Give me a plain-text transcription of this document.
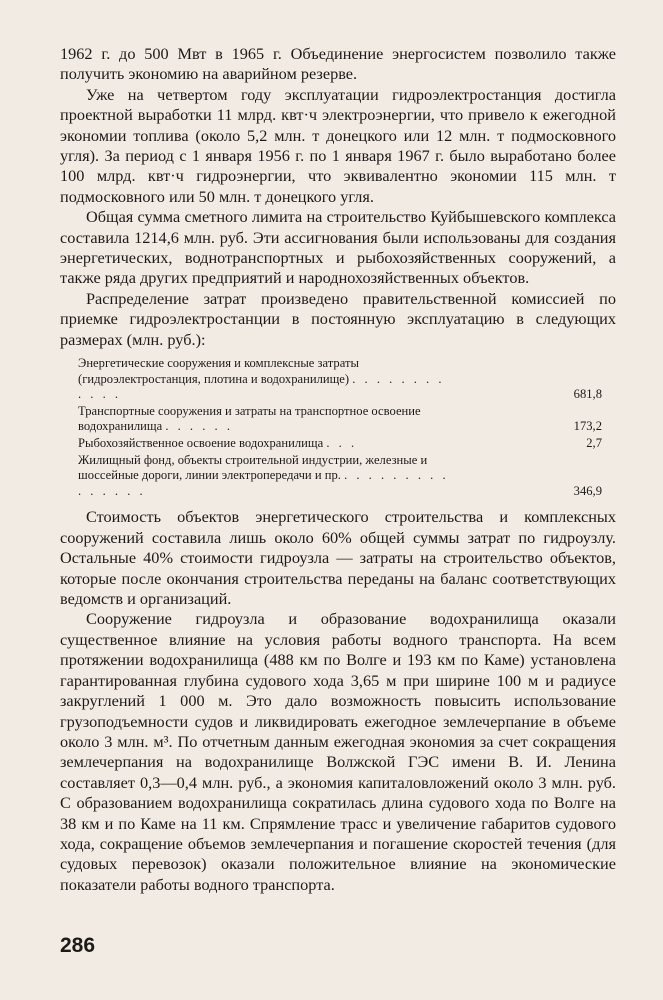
1962 г. до 500 Мвт в 1965 г. Объединение энергосистем позволило также получить экономию на аварийном резерве.

Уже на четвертом году эксплуатации гидроэлектростанция достигла проектной выработки 11 млрд. квт·ч электроэнергии, что привело к ежегодной экономии топлива (около 5,2 млн. т донецкого или 12 млн. т подмосковного угля). За период с 1 января 1956 г. по 1 января 1967 г. было выработано более 100 млрд. квт·ч гидроэнергии, что эквивалентно экономии 115 млн. т подмосковного или 50 млн. т донецкого угля.

Общая сумма сметного лимита на строительство Куйбышевского комплекса составила 1214,6 млн. руб. Эти ассигнования были использованы для создания энергетических, воднотранспортных и рыбохозяйственных сооружений, а также ряда других предприятий и народнохозяйственных объектов.

Распределение затрат произведено правительственной комиссией по приемке гидроэлектростанции в постоянную эксплуатацию в следующих размерах (млн. руб.):

Энергетические сооружения и комплексные затраты (гидроэлектростанция, плотина и водохранилище) . . . . . . . . . . . .	681,8
Транспортные сооружения и затраты на транспортное освоение водохранилища . . . . . .	173,2
Рыбохозяйственное освоение водохранилища . . .	2,7
Жилищный фонд, объекты строительной индустрии, железные и шоссейные дороги, линии электропередачи и пр. . . . . . . . . . . . . . . .	346,9

Стоимость объектов энергетического строительства и комплексных сооружений составила лишь около 60% общей суммы затрат по гидроузлу. Остальные 40% стоимости гидроузла — затраты на строительство объектов, которые после окончания строительства переданы на баланс соответствующих ведомств и организаций.

Сооружение гидроузла и образование водохранилища оказали существенное влияние на условия работы водного транспорта. На всем протяжении водохранилища (488 км по Волге и 193 км по Каме) установлена гарантированная глубина судового хода 3,65 м при ширине 100 м и радиусе закруглений 1 000 м. Это дало возможность повысить использование грузоподъемности судов и ликвидировать ежегодное землечерпание в объеме около 3 млн. м³. По отчетным данным ежегодная экономия за счет сокращения землечерпания на водохранилище Волжской ГЭС имени В. И. Ленина составляет 0,3—0,4 млн. руб., а экономия капиталовложений около 3 млн. руб. С образованием водохранилища сократилась длина судового хода по Волге на 38 км и по Каме на 11 км. Спрямление трасс и увеличение габаритов судового хода, сокращение объемов землечерпания и погашение скоростей течения (для судовых перевозок) оказали положительное влияние на экономические показатели работы водного транспорта.

286
